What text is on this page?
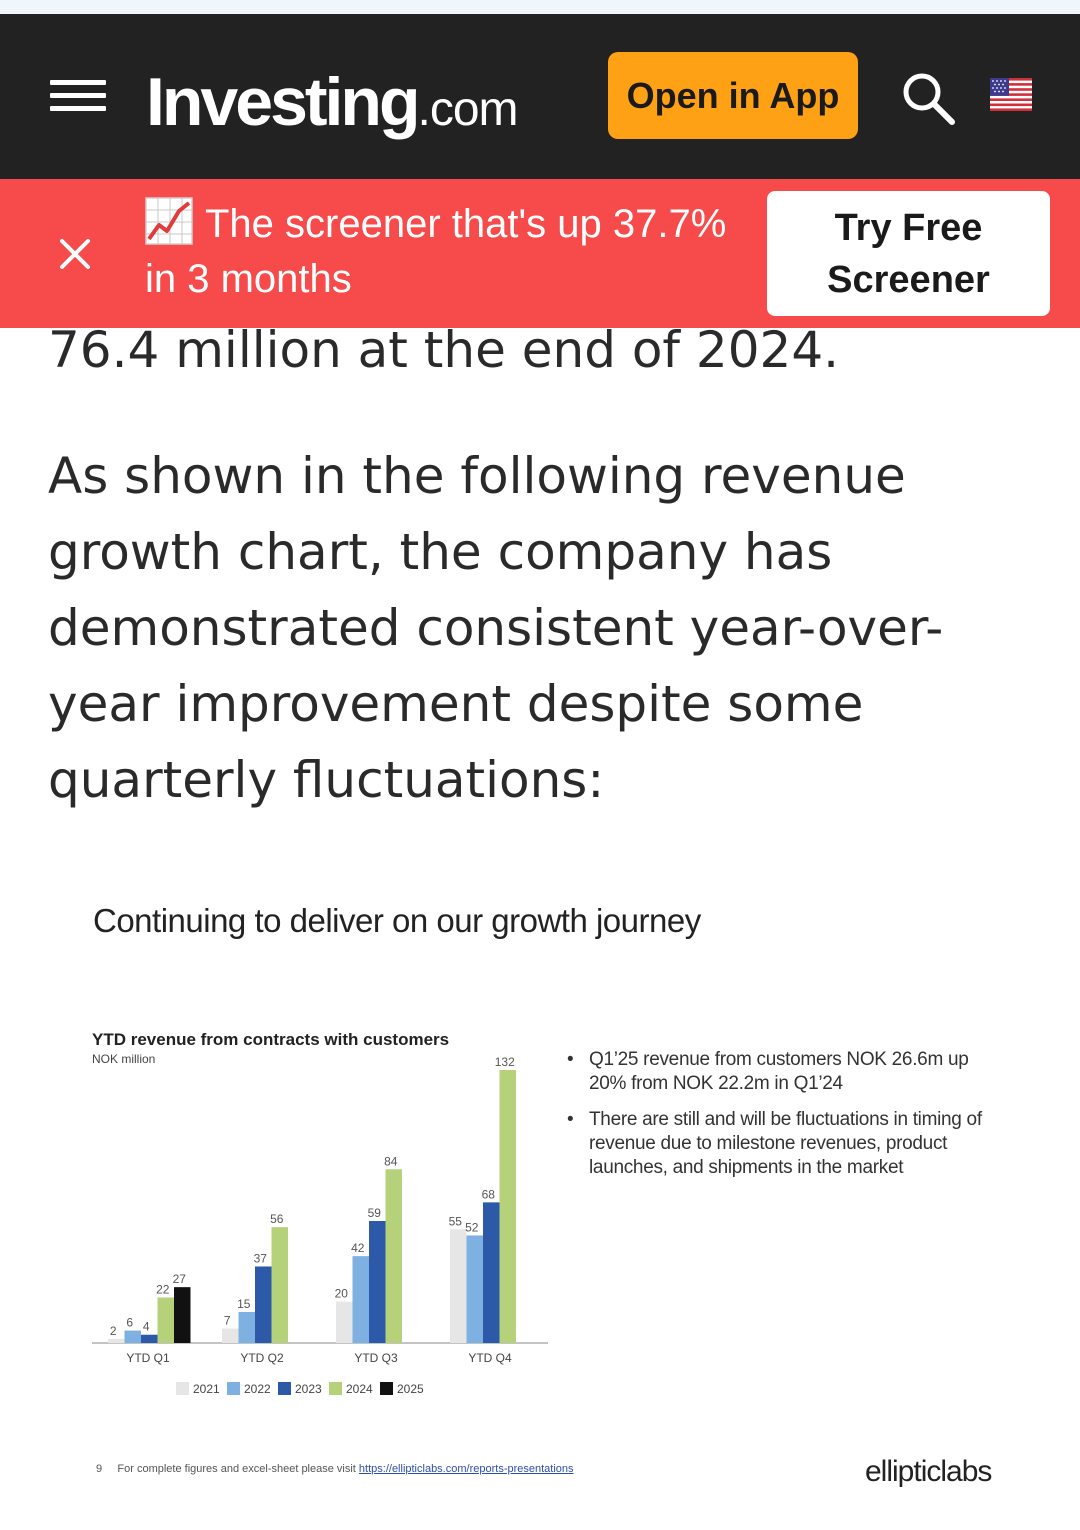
Investing.com	Open in App
The screener that's up 37.7% in 3 months
Try Free Screener

76.4 million at the end of 2024.

As shown in the following revenue growth chart, the company has demonstrated consistent year-over-year improvement despite some quarterly fluctuations:

Continuing to deliver on our growth journey
YTD revenue from contracts with customers
NOK million
2
6 4
22
27
YTD Q1
7
15
37
56
YTD Q2
20
42
59
84
YTD Q3
55 52
68
132
YTD Q4
2021 2022 2023 2024 2025
• Q1’25 revenue from customers NOK 26.6m up 20% from NOK 22.2m in Q1’24
• There are still and will be fluctuations in timing of revenue due to milestone revenues, product launches, and shipments in the market
9 For complete figures and excel-sheet please visit https://ellipticlabs.com/reports-presentations	ellipticlabs
